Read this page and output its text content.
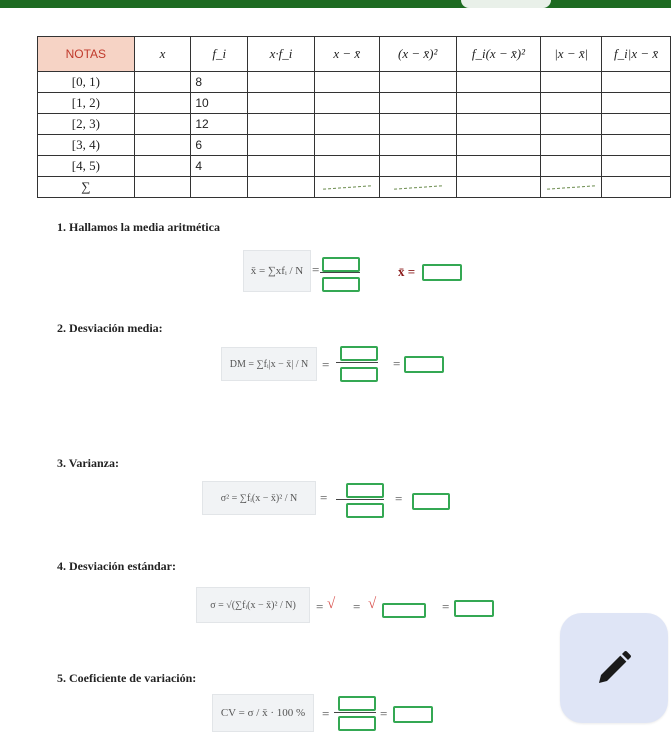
NOTAS	x	f_i	x·f_i	x − x̄	(x − x̄)²	f_i(x − x̄)²	|x − x̄|	f_i|x − x̄
[0, 1)		8						
[1, 2)		10						
[2, 3)		12						
[3, 4)		6						
[4, 5)		4						
∑				

1. Hallamos la media aritmética
x̄ = ∑xfᵢ / N =	x̄ =
2. Desviación media:
DM = ∑fᵢ|x − x̄| / N	=	=
3. Varianza:
σ² = ∑fᵢ(x − x̄)² / N	=	=
4. Desviación estándar:
σ = √(∑fᵢ(x − x̄)² / N)	= √ = √	=
5. Coeficiente de variación:
CV = σ / x̄ · 100 %	=	=
